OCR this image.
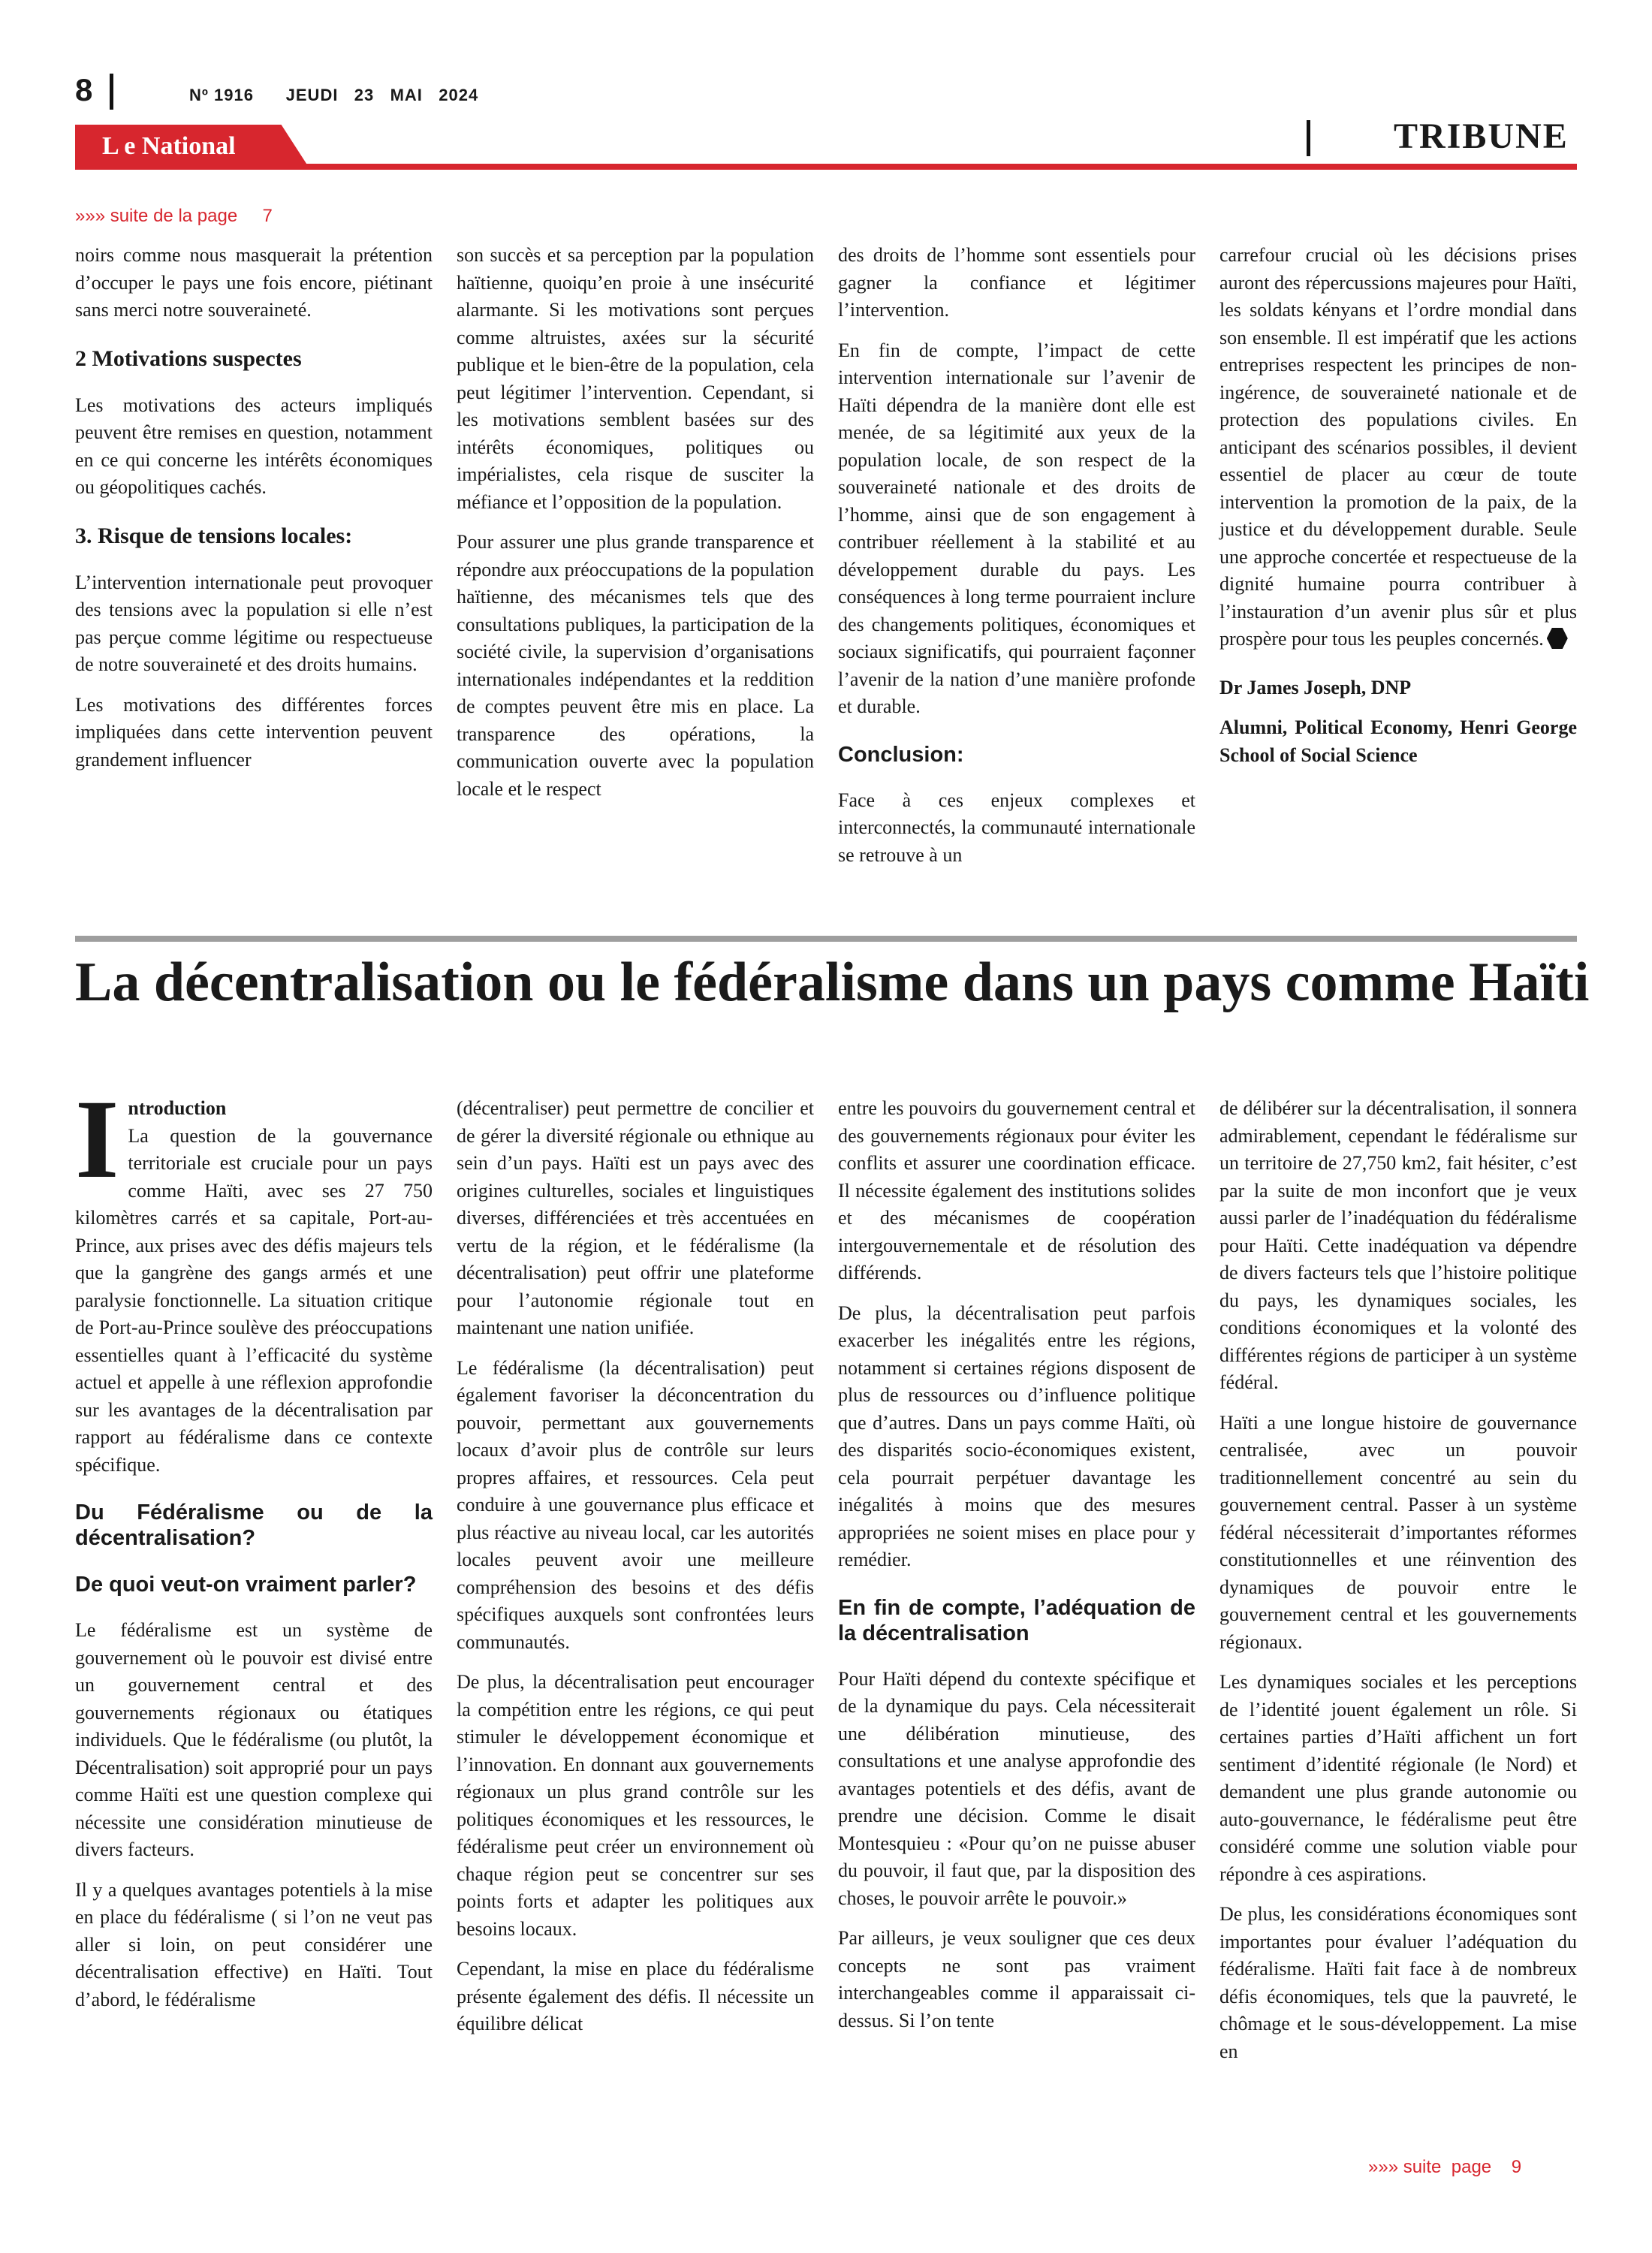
8	Nº 1916      JEUDI   23   MAI   2024
L e National	TRIBUNE
»»» suite de la page     7

noirs comme nous masquerait la prétention d’occuper le pays une fois encore, piétinant sans merci notre souveraineté.

2 Motivations suspectes

Les motivations des acteurs impliqués peuvent être remises en question, notamment en ce qui concerne les intérêts économiques ou géopolitiques cachés.

3. Risque de tensions locales:

L’intervention internationale peut provoquer des tensions avec la population si elle n’est pas perçue comme légitime ou respectueuse de notre souveraineté et des droits humains.

Les motivations des différentes forces impliquées dans cette intervention peuvent grandement influencer

son succès et sa perception par la population haïtienne, quoiqu’en proie à une insécurité alarmante. Si les motivations sont perçues comme altruistes, axées sur la sécurité publique et le bien-être de la population, cela peut légitimer l’intervention. Cependant, si les motivations semblent basées sur des intérêts économiques, politiques ou impérialistes, cela risque de susciter la méfiance et l’opposition de la population.

Pour assurer une plus grande transparence et répondre aux préoccupations de la population haïtienne, des mécanismes tels que des consultations publiques, la participation de la société civile, la supervision d’organisations internationales indépendantes et la reddition de comptes peuvent être mis en place. La transparence des opérations, la communication ouverte avec la population locale et le respect

des droits de l’homme sont essentiels pour gagner la confiance et légitimer l’intervention.

En fin de compte, l’impact de cette intervention internationale sur l’avenir de Haïti dépendra de la manière dont elle est menée, de sa légitimité aux yeux de la population locale, de son respect de la souveraineté nationale et des droits de l’homme, ainsi que de son engagement à contribuer réellement à la stabilité et au développement durable du pays. Les conséquences à long terme pourraient inclure des changements politiques, économiques et sociaux significatifs, qui pourraient façonner l’avenir de la nation d’une manière profonde et durable.

Conclusion:

Face à ces enjeux complexes et interconnectés, la communauté internationale se retrouve à un

carrefour crucial où les décisions prises auront des répercussions majeures pour Haïti, les soldats kényans et l’ordre mondial dans son ensemble. Il est impératif que les actions entreprises respectent les principes de non-ingérence, de souveraineté nationale et de protection des populations civiles. En anticipant des scénarios possibles, il devient essentiel de placer au cœur de toute intervention la promotion de la paix, de la justice et du développement durable. Seule une approche concertée et respectueuse de la dignité humaine pourra contribuer à l’instauration d’un avenir plus sûr et plus prospère pour tous les peuples concernés.

Dr James Joseph, DNP

Alumni, Political Economy, Henri George School of Social Science

La décentralisation ou le fédéralisme dans un pays comme Haïti

Introduction
La question de la gouvernance territoriale est cruciale pour un pays comme Haïti, avec ses 27 750 kilomètres carrés et sa capitale, Port-au-Prince, aux prises avec des défis majeurs tels que la gangrène des gangs armés et une paralysie fonctionnelle. La situation critique de Port-au-Prince soulève des préoccupations essentielles quant à l’efficacité du système actuel et appelle à une réflexion approfondie sur les avantages de la décentralisation par rapport au fédéralisme dans ce contexte spécifique.

Du Fédéralisme ou de la décentralisation?
De quoi veut-on vraiment parler?

Le fédéralisme est un système de gouvernement où le pouvoir est divisé entre un gouvernement central et des gouvernements régionaux ou étatiques individuels. Que le fédéralisme (ou plutôt, la Décentralisation) soit approprié pour un pays comme Haïti est une question complexe qui nécessite une considération minutieuse de divers facteurs.

Il y a quelques avantages potentiels à la mise en place du fédéralisme ( si l’on ne veut pas aller si loin, on peut considérer une décentralisation effective) en Haïti. Tout d’abord, le fédéralisme

(décentraliser) peut permettre de concilier et de gérer la diversité régionale ou ethnique au sein d’un pays. Haïti est un pays avec des origines culturelles, sociales et linguistiques diverses, différenciées et très accentuées en vertu de la région, et le fédéralisme (la décentralisation) peut offrir une plateforme pour l’autonomie régionale tout en maintenant une nation unifiée.

Le fédéralisme (la décentralisation) peut également favoriser la déconcentration du pouvoir, permettant aux gouvernements locaux d’avoir plus de contrôle sur leurs propres affaires, et ressources. Cela peut conduire à une gouvernance plus efficace et plus réactive au niveau local, car les autorités locales peuvent avoir une meilleure compréhension des besoins et des défis spécifiques auxquels sont confrontées leurs communautés.

De plus, la décentralisation peut encourager la compétition entre les régions, ce qui peut stimuler le développement économique et l’innovation. En donnant aux gouvernements régionaux un plus grand contrôle sur les politiques économiques et les ressources, le fédéralisme peut créer un environnement où chaque région peut se concentrer sur ses points forts et adapter les politiques aux besoins locaux.

Cependant, la mise en place du fédéralisme présente également des défis. Il nécessite un équilibre délicat

entre les pouvoirs du gouvernement central et des gouvernements régionaux pour éviter les conflits et assurer une coordination efficace. Il nécessite également des institutions solides et des mécanismes de coopération intergouvernementale et de résolution des différends.

De plus, la décentralisation peut parfois exacerber les inégalités entre les régions, notamment si certaines régions disposent de plus de ressources ou d’influence politique que d’autres. Dans un pays comme Haïti, où des disparités socio-économiques existent, cela pourrait perpétuer davantage les inégalités à moins que des mesures appropriées ne soient mises en place pour y remédier.

En fin de compte, l’adéquation de la décentralisation

Pour Haïti dépend du contexte spécifique et de la dynamique du pays. Cela nécessiterait une délibération minutieuse, des consultations et une analyse approfondie des avantages potentiels et des défis, avant de prendre une décision. Comme le disait Montesquieu : «Pour qu’on ne puisse abuser du pouvoir, il faut que, par la disposition des choses, le pouvoir arrête le pouvoir.»

Par ailleurs, je veux souligner que ces deux concepts ne sont pas vraiment interchangeables comme il apparaissait ci-dessus. Si l’on tente

de délibérer sur la décentralisation, il sonnera admirablement, cependant le fédéralisme sur un territoire de 27,750 km2, fait hésiter, c’est par la suite de mon inconfort que je veux aussi parler de l’inadéquation du fédéralisme pour Haïti. Cette inadéquation va dépendre de divers facteurs tels que l’histoire politique du pays, les dynamiques sociales, les conditions économiques et la volonté des différentes régions de participer à un système fédéral.

Haïti a une longue histoire de gouvernance centralisée, avec un pouvoir traditionnellement concentré au sein du gouvernement central. Passer à un système fédéral nécessiterait d’importantes réformes constitutionnelles et une réinvention des dynamiques de pouvoir entre le gouvernement central et les gouvernements régionaux.

Les dynamiques sociales et les perceptions de l’identité jouent également un rôle. Si certaines parties d’Haïti affichent un fort sentiment d’identité régionale (le Nord) et demandent une plus grande autonomie ou auto-gouvernance, le fédéralisme peut être considéré comme une solution viable pour répondre à ces aspirations.

De plus, les considérations économiques sont importantes pour évaluer l’adéquation du fédéralisme. Haïti fait face à de nombreux défis économiques, tels que la pauvreté, le chômage et le sous-développement. La mise en

»»» suite  page    9
